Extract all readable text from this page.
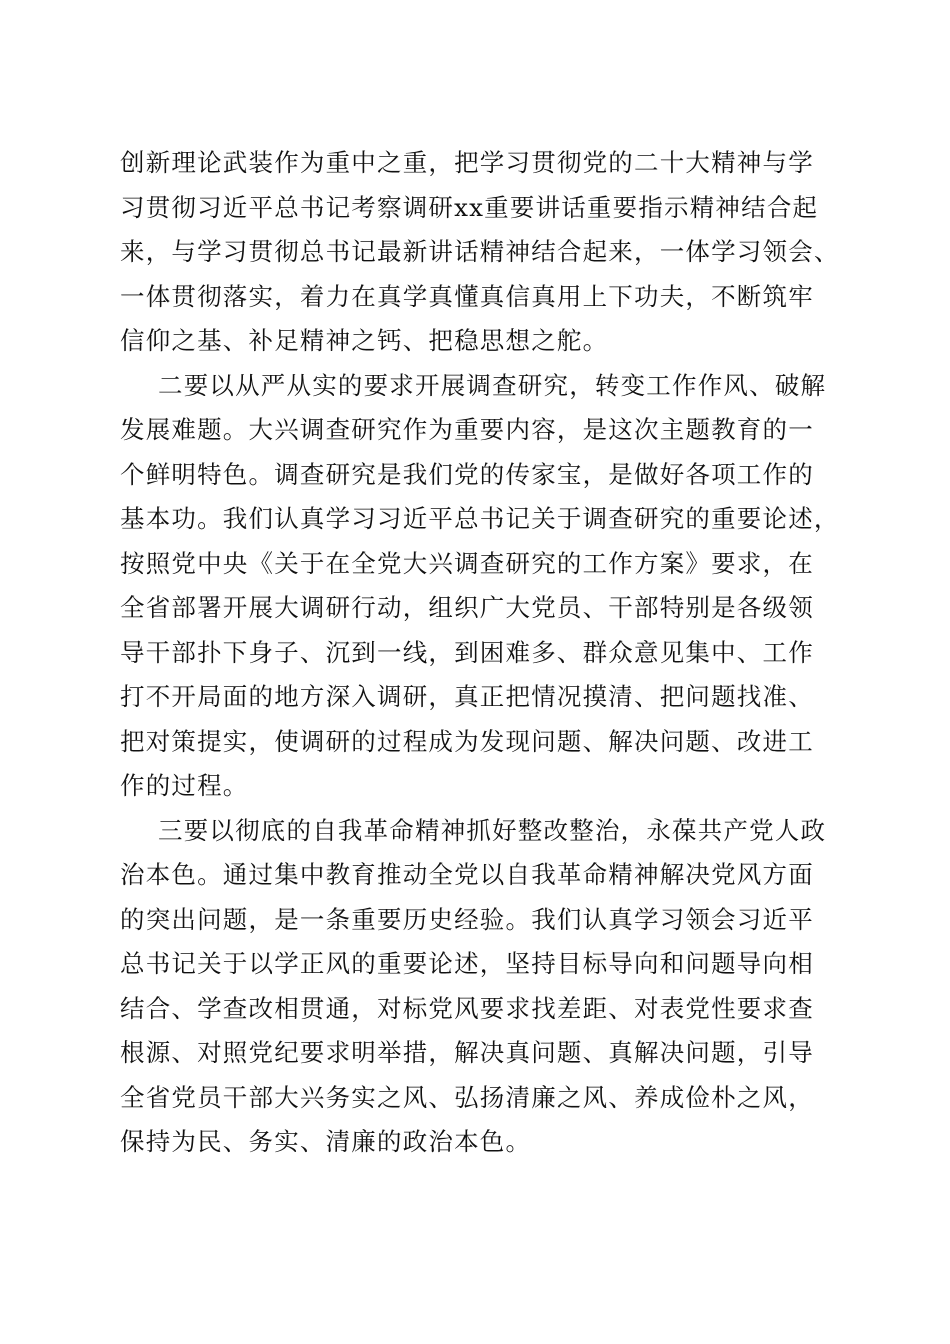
创新理论武装作为重中之重，把学习贯彻党的二十大精神与学
习贯彻习近平总书记考察调研xx重要讲话重要指示精神结合起
来，与学习贯彻总书记最新讲话精神结合起来，一体学习领会、
一体贯彻落实，着力在真学真懂真信真用上下功夫，不断筑牢
信仰之基、补足精神之钙、把稳思想之舵。
二要以从严从实的要求开展调查研究，转变工作作风、破解
发展难题。大兴调查研究作为重要内容，是这次主题教育的一
个鲜明特色。调查研究是我们党的传家宝，是做好各项工作的
基本功。我们认真学习习近平总书记关于调查研究的重要论述，
按照党中央《关于在全党大兴调查研究的工作方案》要求，在
全省部署开展大调研行动，组织广大党员、干部特别是各级领
导干部扑下身子、沉到一线，到困难多、群众意见集中、工作
打不开局面的地方深入调研，真正把情况摸清、把问题找准、
把对策提实，使调研的过程成为发现问题、解决问题、改进工
作的过程。
三要以彻底的自我革命精神抓好整改整治，永葆共产党人政
治本色。通过集中教育推动全党以自我革命精神解决党风方面
的突出问题，是一条重要历史经验。我们认真学习领会习近平
总书记关于以学正风的重要论述，坚持目标导向和问题导向相
结合、学查改相贯通，对标党风要求找差距、对表党性要求查
根源、对照党纪要求明举措，解决真问题、真解决问题，引导
全省党员干部大兴务实之风、弘扬清廉之风、养成俭朴之风，
保持为民、务实、清廉的政治本色。
